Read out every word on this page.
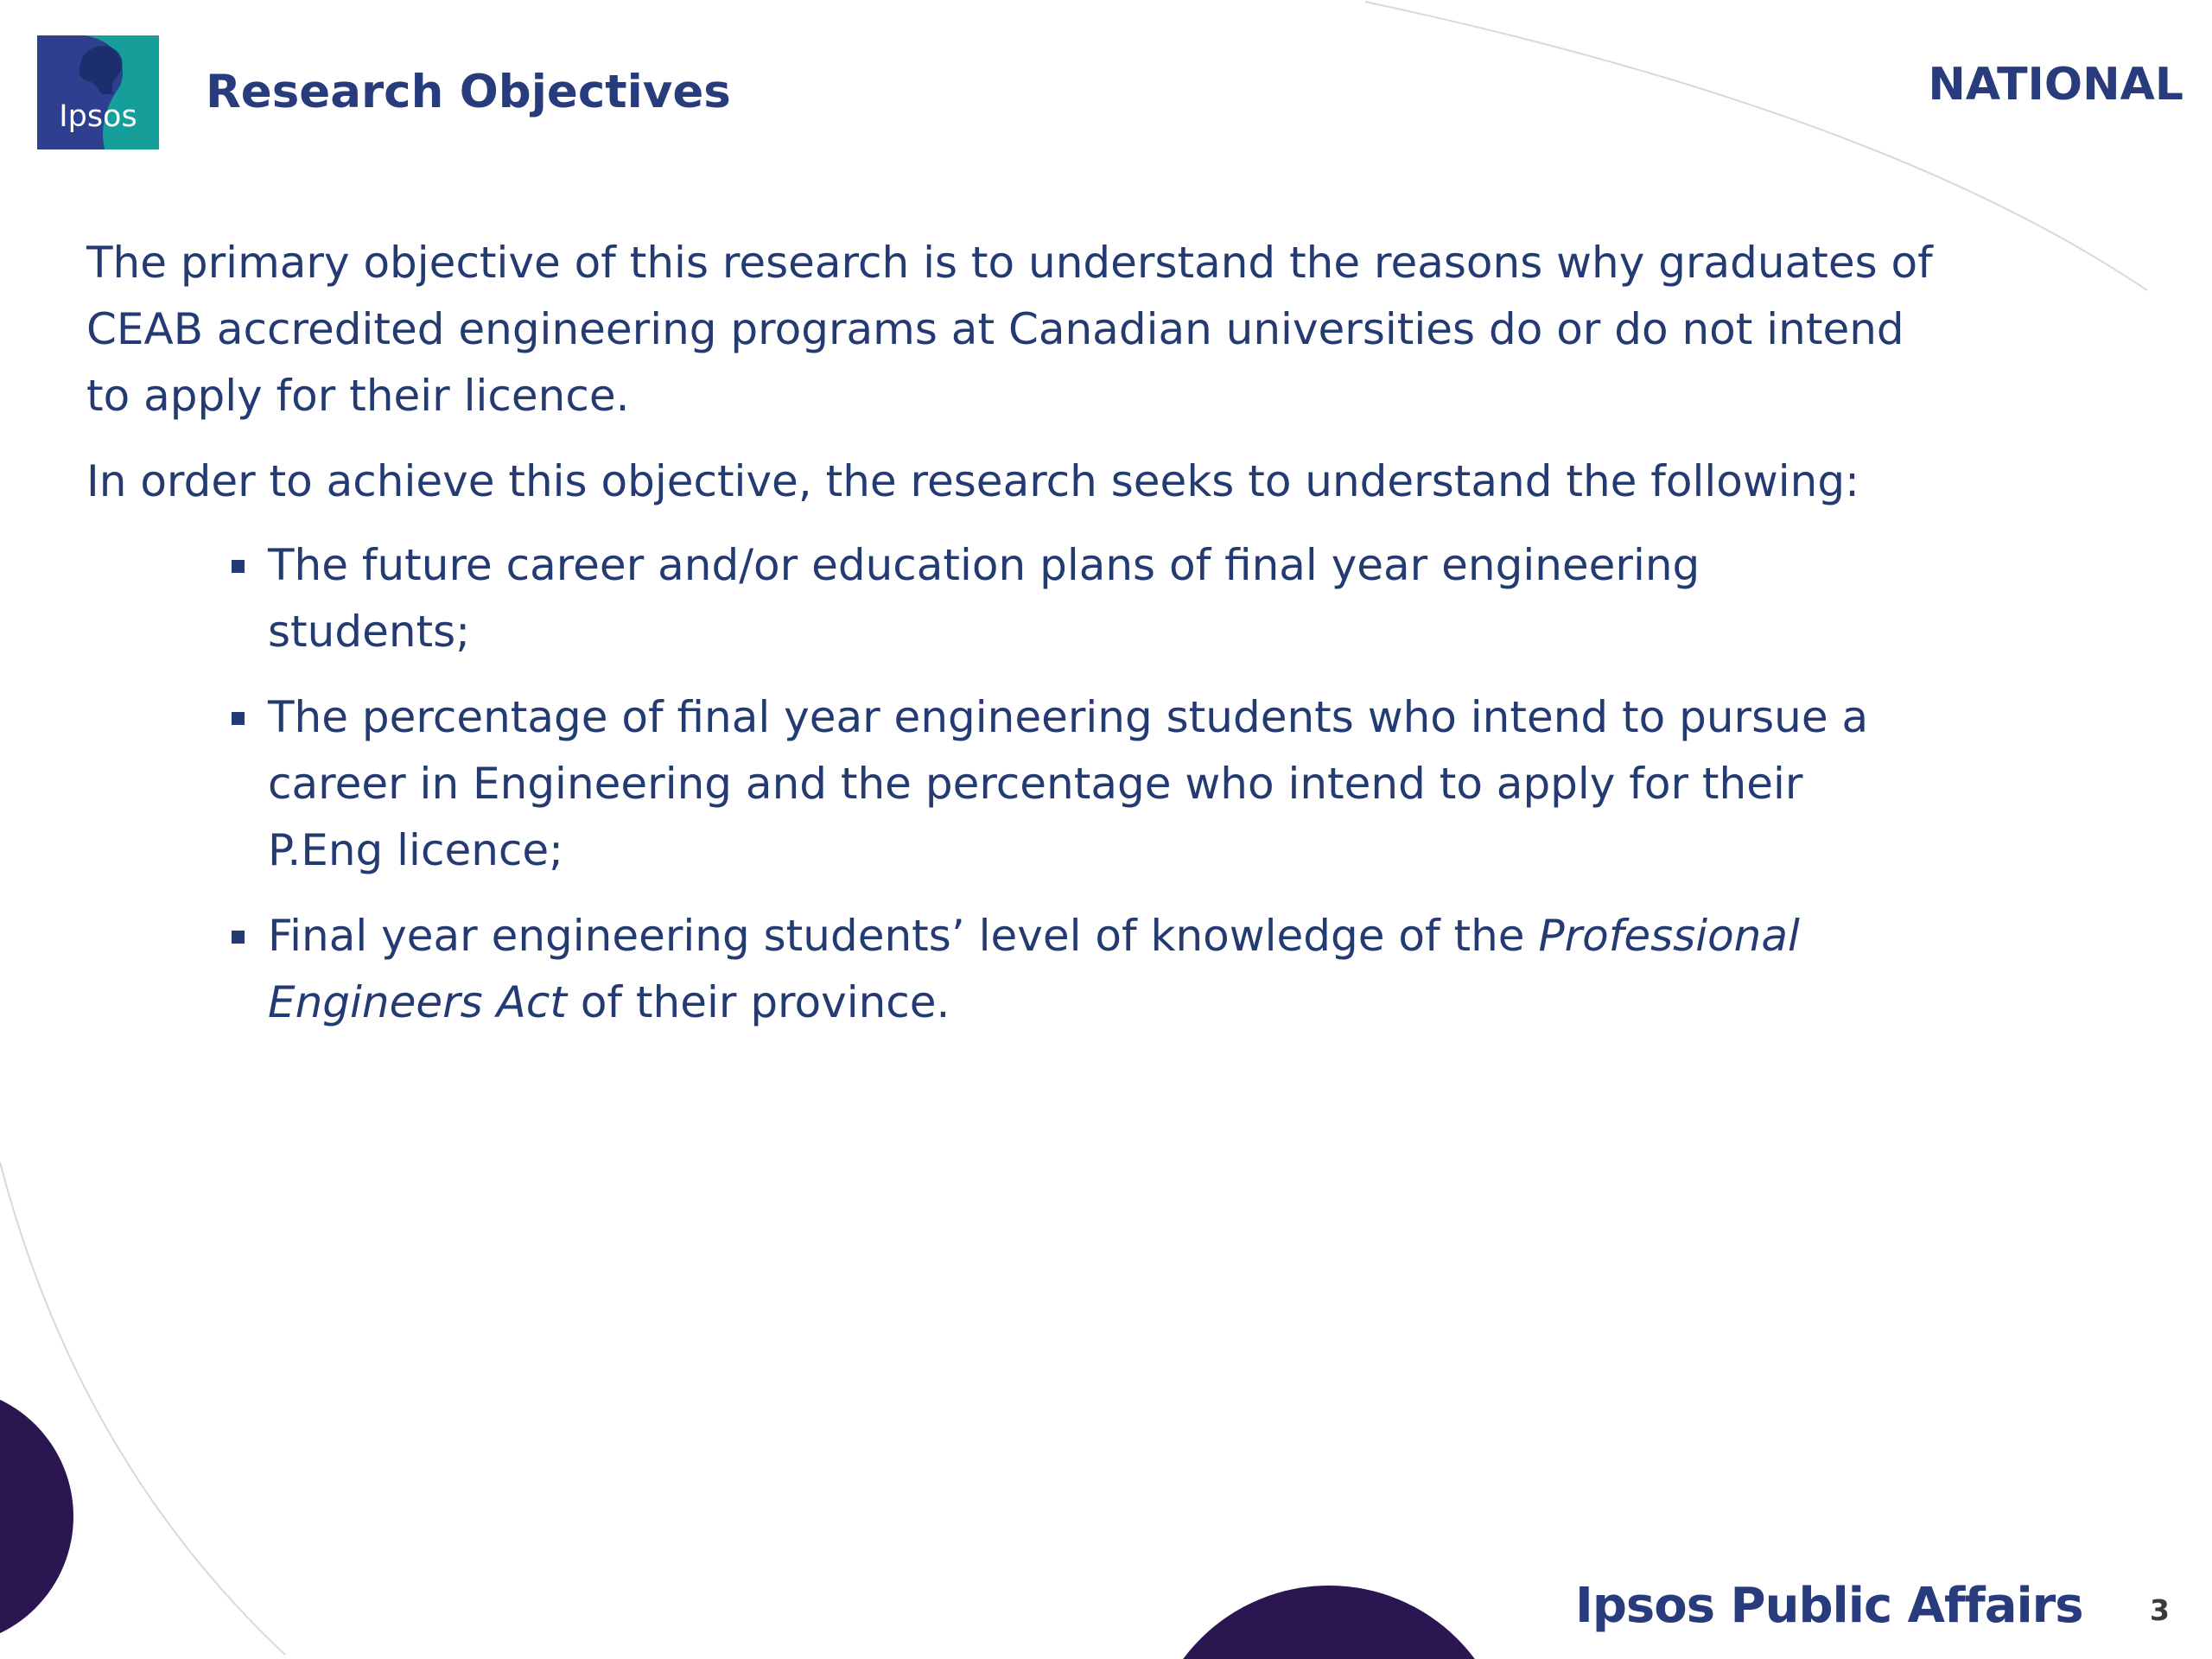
Ipsos	Research Objectives	NATIONAL

The primary objective of this research is to understand the reasons why graduates of CEAB accredited engineering programs at Canadian universities do or do not intend to apply for their licence.

In order to achieve this objective, the research seeks to understand the following:

The future career and/or education plans of final year engineering students;
The percentage of final year engineering students who intend to pursue a career in Engineering and the percentage who intend to apply for their P.Eng licence;
Final year engineering students’ level of knowledge of the Professional Engineers Act of their province.
Ipsos Public Affairs 3
